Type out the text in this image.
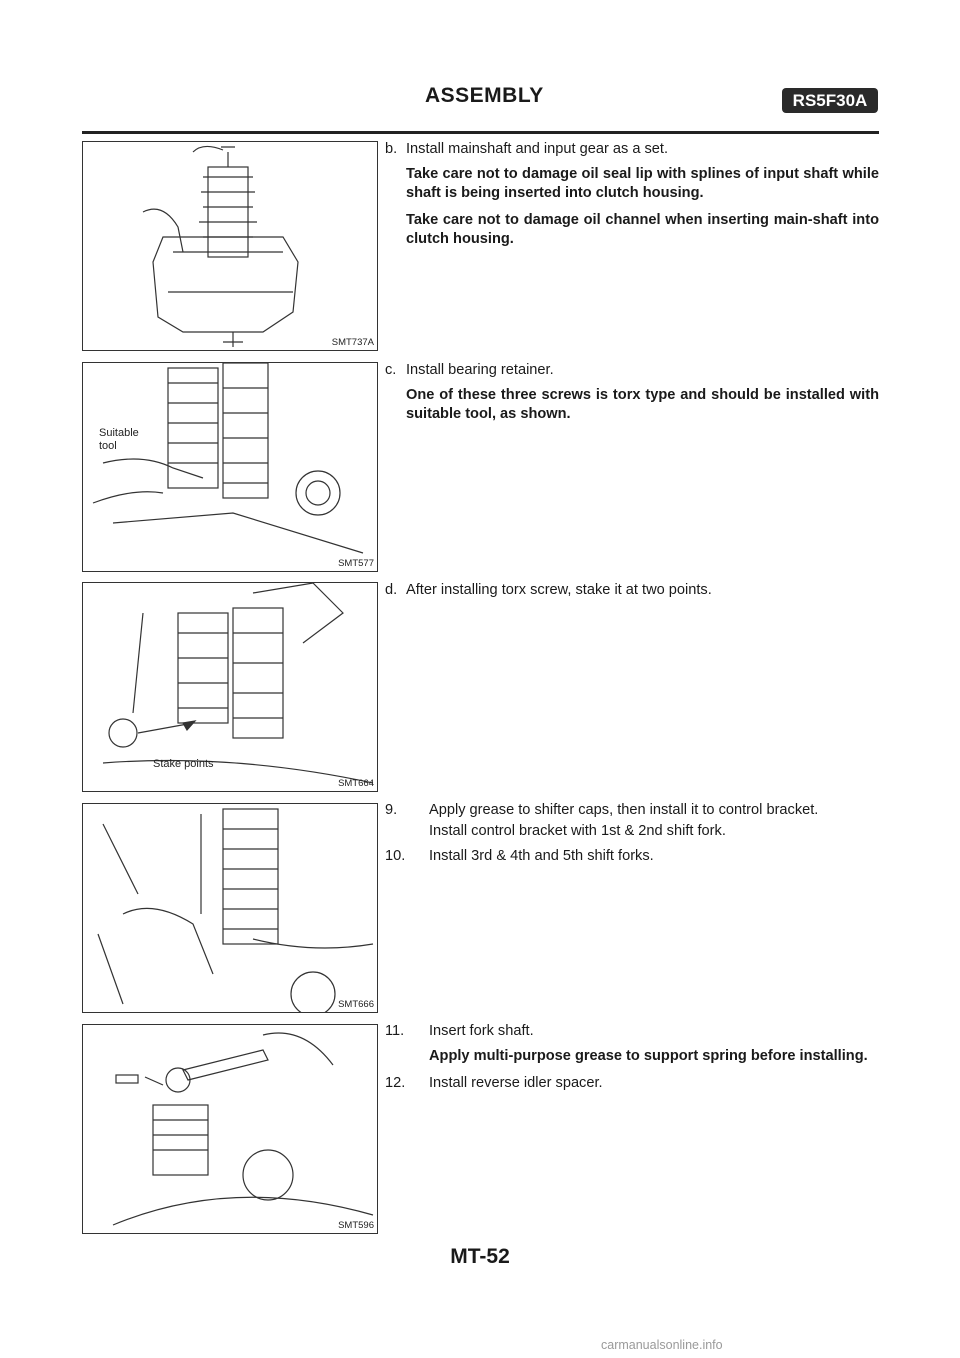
ASSEMBLY	RS5F30A
SMT737A
b. Install mainshaft and input gear as a set.
Take care not to damage oil seal lip with splines of input shaft while shaft is being inserted into clutch housing.
Take care not to damage oil channel when inserting main-shaft into clutch housing.
Suitable
tool
SMT577
c. Install bearing retainer.
One of these three screws is torx type and should be installed with suitable tool, as shown.
Stake points
SMT664
d. After installing torx screw, stake it at two points.
SMT666
9. Apply grease to shifter caps, then install it to control bracket.
Install control bracket with 1st & 2nd shift fork.
10. Install 3rd & 4th and 5th shift forks.
SMT596
11. Insert fork shaft.
Apply multi-purpose grease to support spring before installing.
12. Install reverse idler spacer.
MT-52
carmanualsonline.info
